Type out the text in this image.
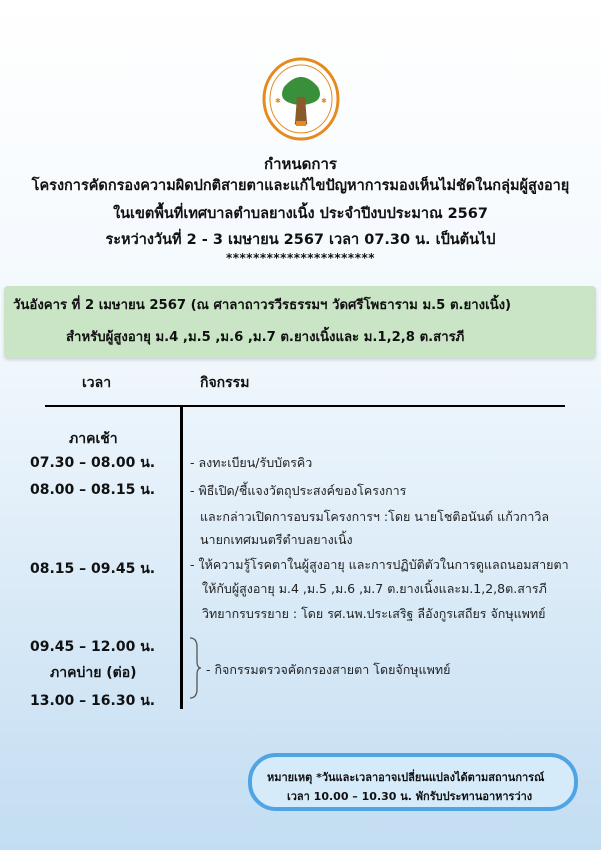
✱	✱
กำหนดการ
โครงการคัดกรองความผิดปกติสายตาและแก้ไขปัญหาการมองเห็นไม่ชัดในกลุ่มผู้สูงอายุ
ในเขตพื้นที่เทศบาลตำบลยางเนิ้ง ประจำปีงบประมาณ 2567
ระหว่างวันที่ 2 - 3 เมษายน 2567 เวลา 07.30 น. เป็นต้นไป
**********************
วันอังคาร ที่ 2 เมษายน 2567 (ณ ศาลาถาวรวีรธรรมฯ วัดศรีโพธาราม ม.5 ต.ยางเนิ้ง)
สำหรับผู้สูงอายุ ม.4 ,ม.5 ,ม.6 ,ม.7 ต.ยางเนิ้งและ ม.1,2,8 ต.สารภี
เวลา	กิจกรรม
ภาคเช้า
07.30 – 08.00 น.
08.00 – 08.15 น.
08.15 – 09.45 น.
09.45 – 12.00 น.
ภาคบ่าย (ต่อ)
13.00 – 16.30 น.
- ลงทะเบียน/รับบัตรคิว
- พิธีเปิด/ชี้แจงวัตถุประสงค์ของโครงการ
และกล่าวเปิดการอบรมโครงการฯ :โดย นายโชติอนันต์ แก้วกาวิล
นายกเทศมนตรีตำบลยางเนิ้ง
- ให้ความรู้โรคตาในผู้สูงอายุ และการปฏิบัติตัวในการดูแลถนอมสายตา
ให้กับผู้สูงอายุ ม.4 ,ม.5 ,ม.6 ,ม.7 ต.ยางเนิ้งและม.1,2,8ต.สารภี
วิทยากรบรรยาย : โดย รศ.นพ.ประเสริฐ ลีอังกูรเสถียร จักษุแพทย์
- กิจกรรมตรวจคัดกรองสายตา โดยจักษุแพทย์
หมายเหตุ *วันและเวลาอาจเปลี่ยนแปลงได้ตามสถานการณ์
เวลา 10.00 – 10.30 น. พักรับประทานอาหารว่าง
